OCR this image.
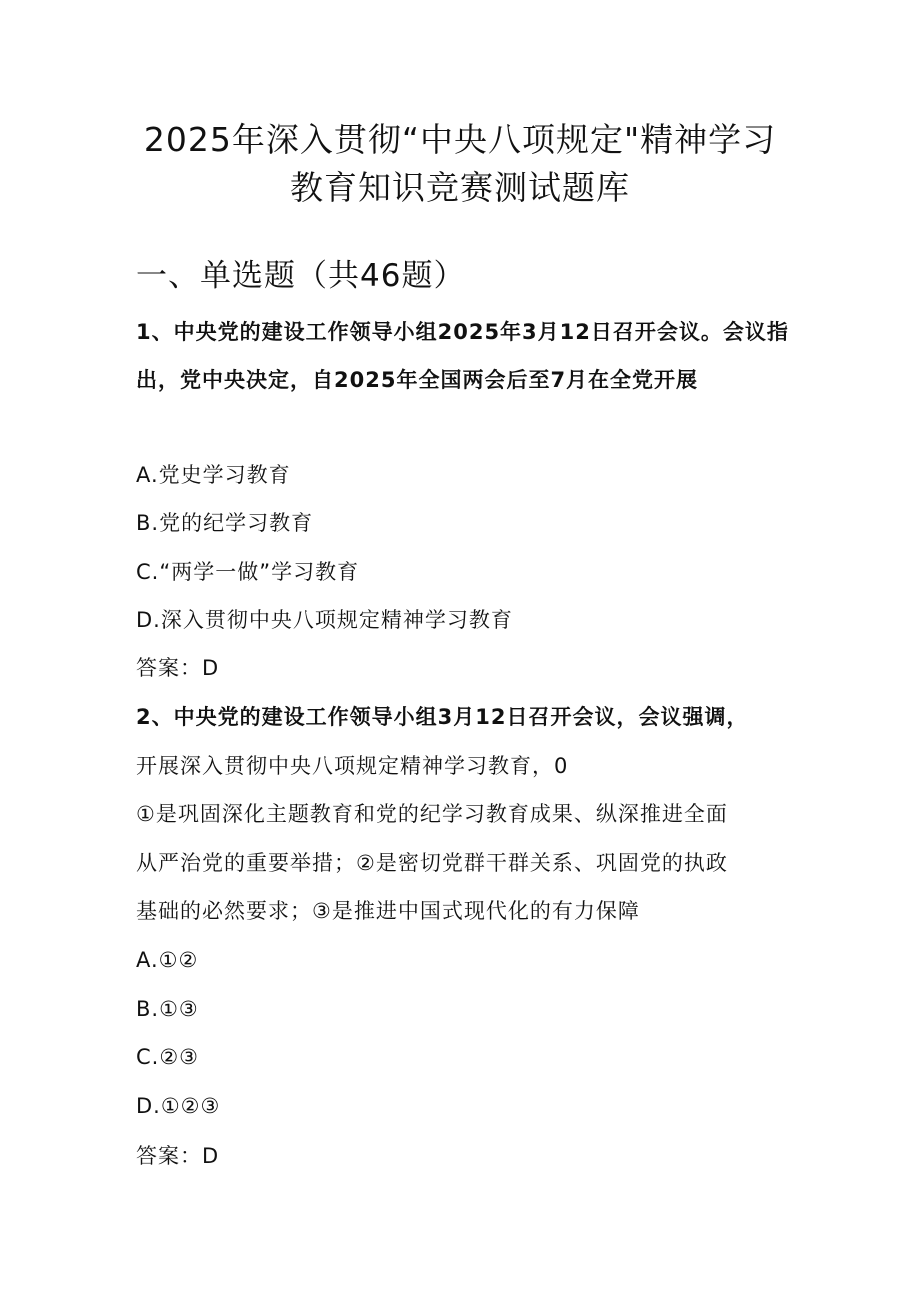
2025年深入贯彻“中央八项规定"精神学习
教育知识竞赛测试题库
一、单选题（共46题）
1、中央党的建设工作领导小组2025年3月12日召开会议。会议指
出，党中央决定，自2025年全国两会后至7月在全党开展
A.党史学习教育
B.党的纪学习教育
C.“两学一做”学习教育
D.深入贯彻中央八项规定精神学习教育
答案：D
2、中央党的建设工作领导小组3月12日召开会议，会议强调，
开展深入贯彻中央八项规定精神学习教育，0
①是巩固深化主题教育和党的纪学习教育成果、纵深推进全面
从严治党的重要举措；②是密切党群干群关系、巩固党的执政
基础的必然要求；③是推进中国式现代化的有力保障
A.①②
B.①③
C.②③
D.①②③
答案：D
